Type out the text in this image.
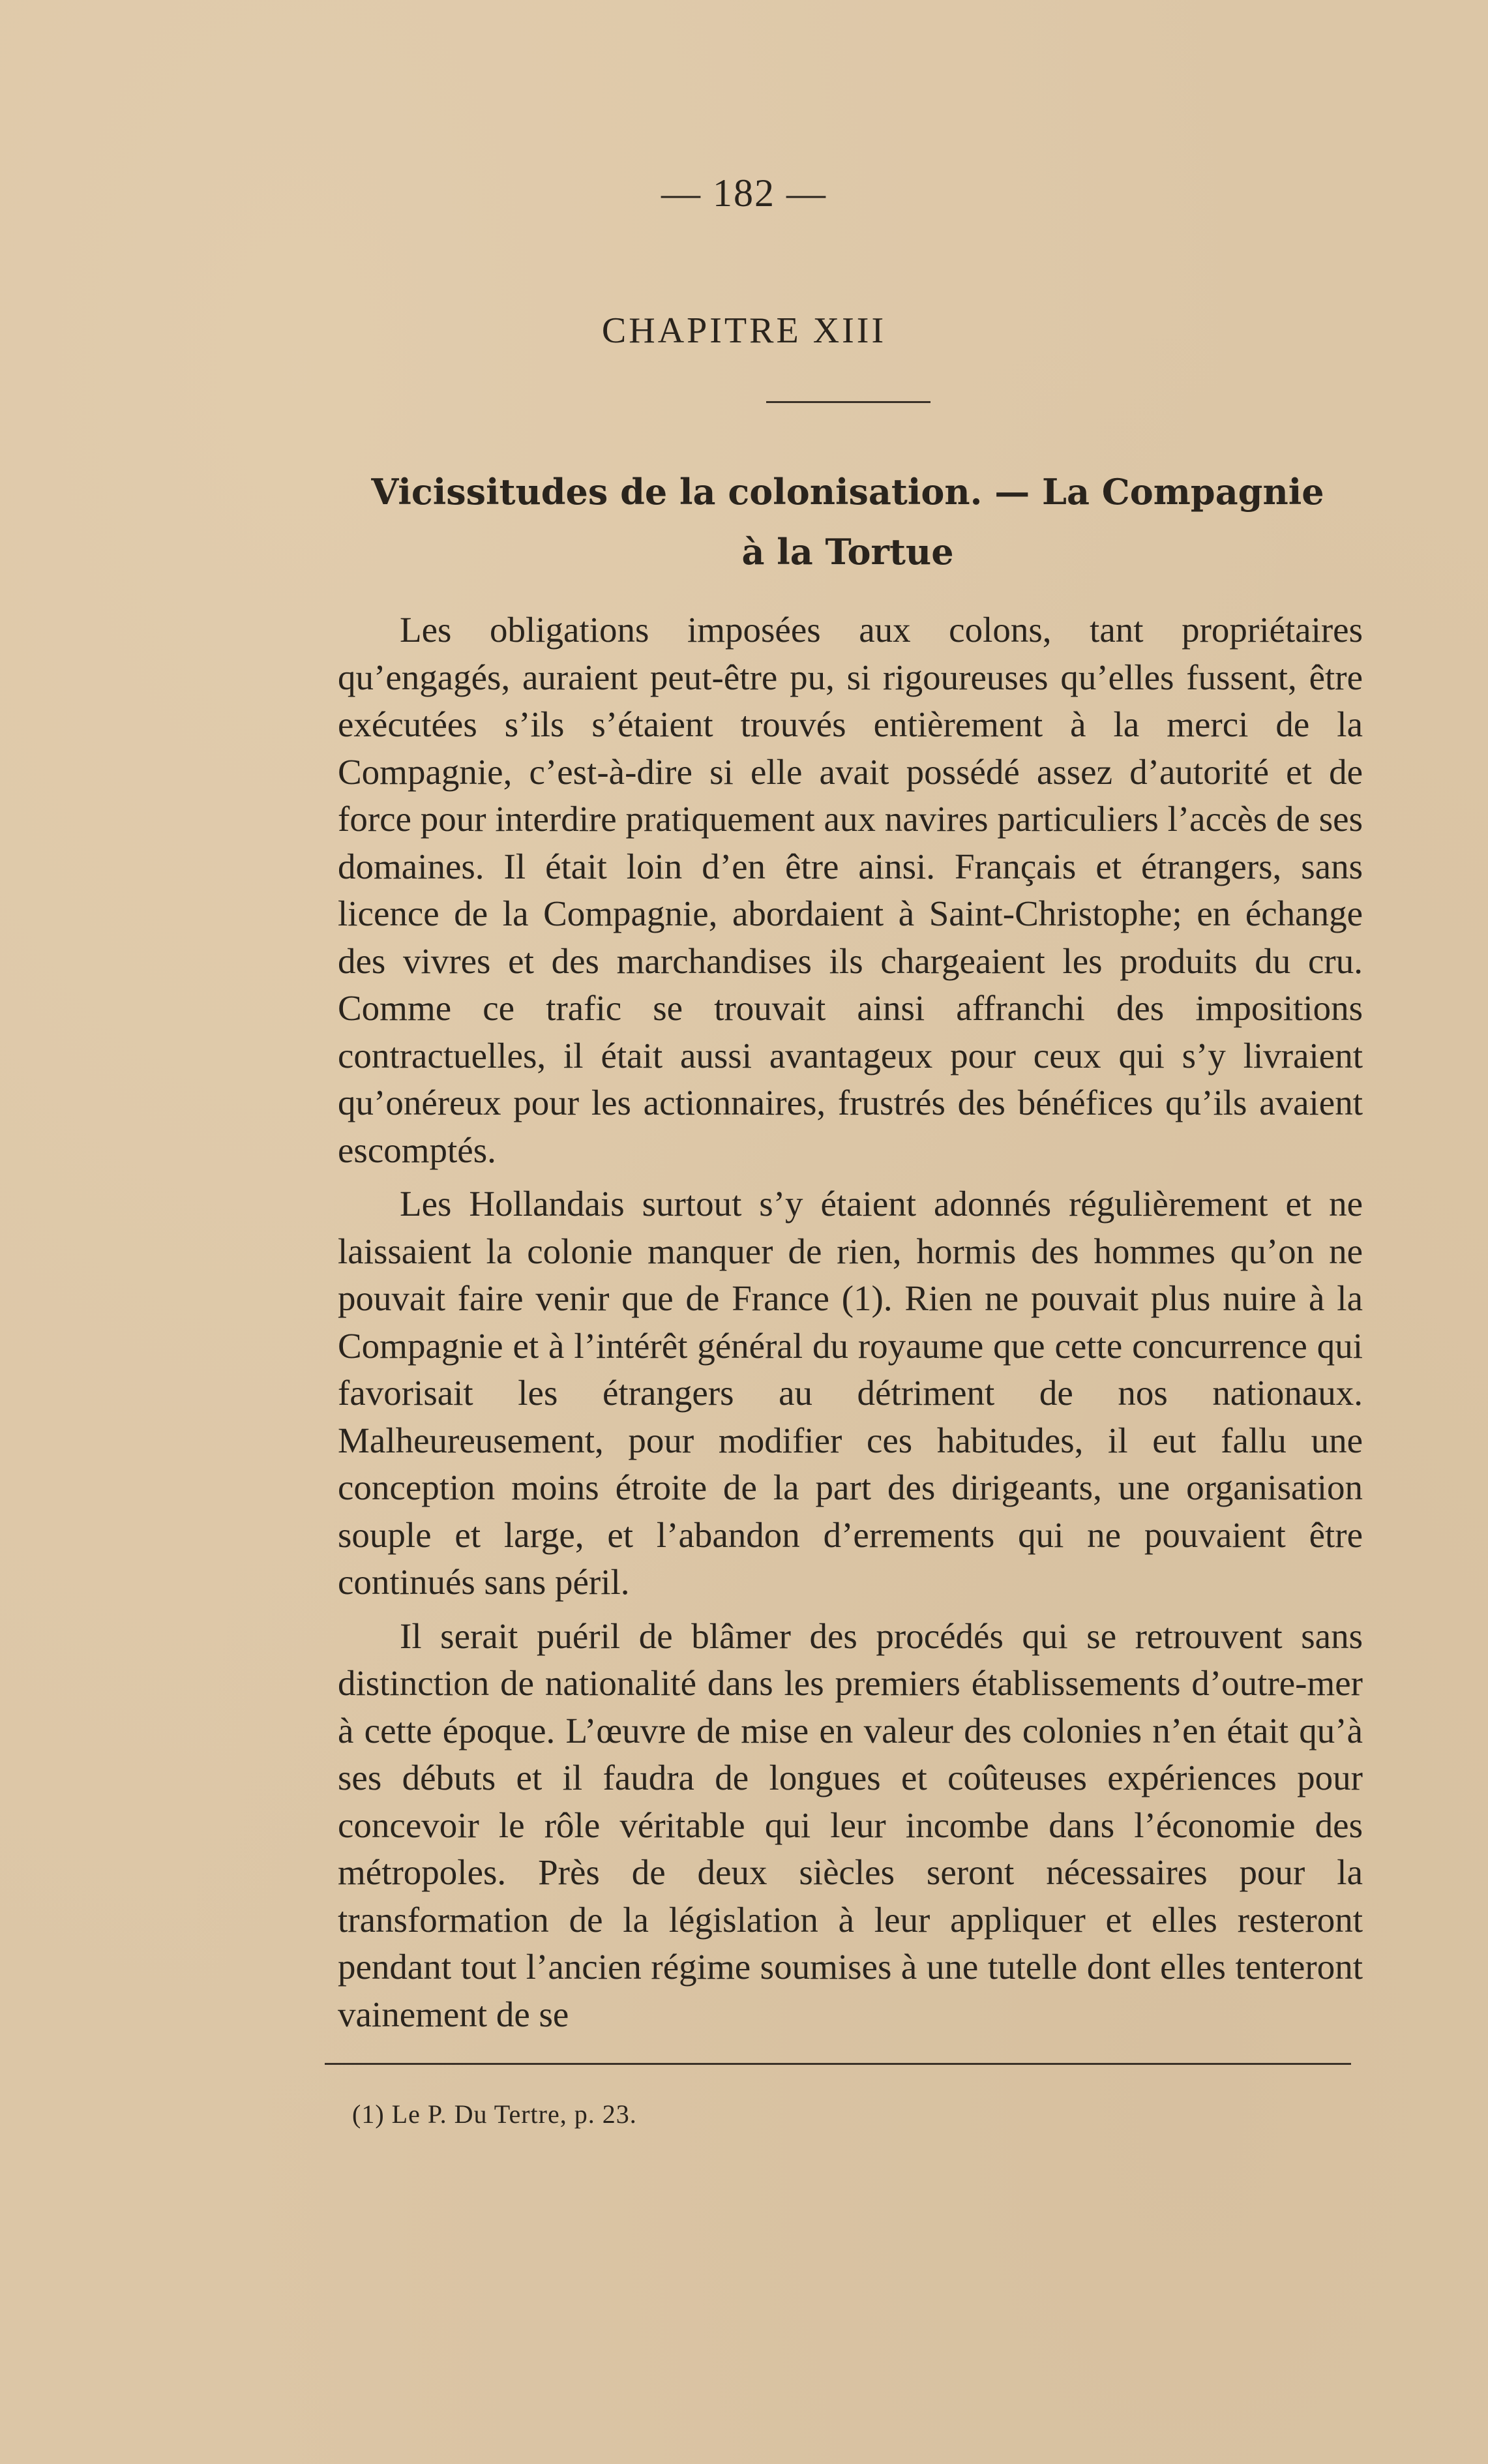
— 182 —
CHAPITRE XIII
Vicissitudes de la colonisation. — La Compagnie
à la Tortue

Les obligations imposées aux colons, tant propriétaires qu’engagés, auraient peut-être pu, si rigoureuses qu’elles fussent, être exécutées s’ils s’étaient trouvés entièrement à la merci de la Compagnie, c’est-à-dire si elle avait possédé assez d’autorité et de force pour interdire pratiquement aux navires particuliers l’accès de ses domaines. Il était loin d’en être ainsi. Français et étrangers, sans licence de la Compagnie, abordaient à Saint-Christophe; en échange des vivres et des marchandises ils chargeaient les produits du cru. Comme ce trafic se trouvait ainsi affranchi des impositions contractuelles, il était aussi avantageux pour ceux qui s’y livraient qu’onéreux pour les actionnaires, frustrés des bénéfices qu’ils avaient escomptés.

Les Hollandais surtout s’y étaient adonnés régulièrement et ne laissaient la colonie manquer de rien, hormis des hommes qu’on ne pouvait faire venir que de France (1). Rien ne pouvait plus nuire à la Compagnie et à l’intérêt général du royaume que cette concurrence qui favorisait les étrangers au détriment de nos nationaux. Malheureusement, pour modifier ces habitudes, il eut fallu une conception moins étroite de la part des dirigeants, une organisation souple et large, et l’abandon d’errements qui ne pouvaient être continués sans péril.

Il serait puéril de blâmer des procédés qui se retrouvent sans distinction de nationalité dans les premiers établissements d’outre-mer à cette époque. L’œuvre de mise en valeur des colonies n’en était qu’à ses débuts et il faudra de longues et coûteuses expériences pour concevoir le rôle véritable qui leur incombe dans l’économie des métropoles. Près de deux siècles seront nécessaires pour la transformation de la législation à leur appliquer et elles resteront pendant tout l’ancien régime soumises à une tutelle dont elles tenteront vainement de se

(1) Le P. Du Tertre, p. 23.
